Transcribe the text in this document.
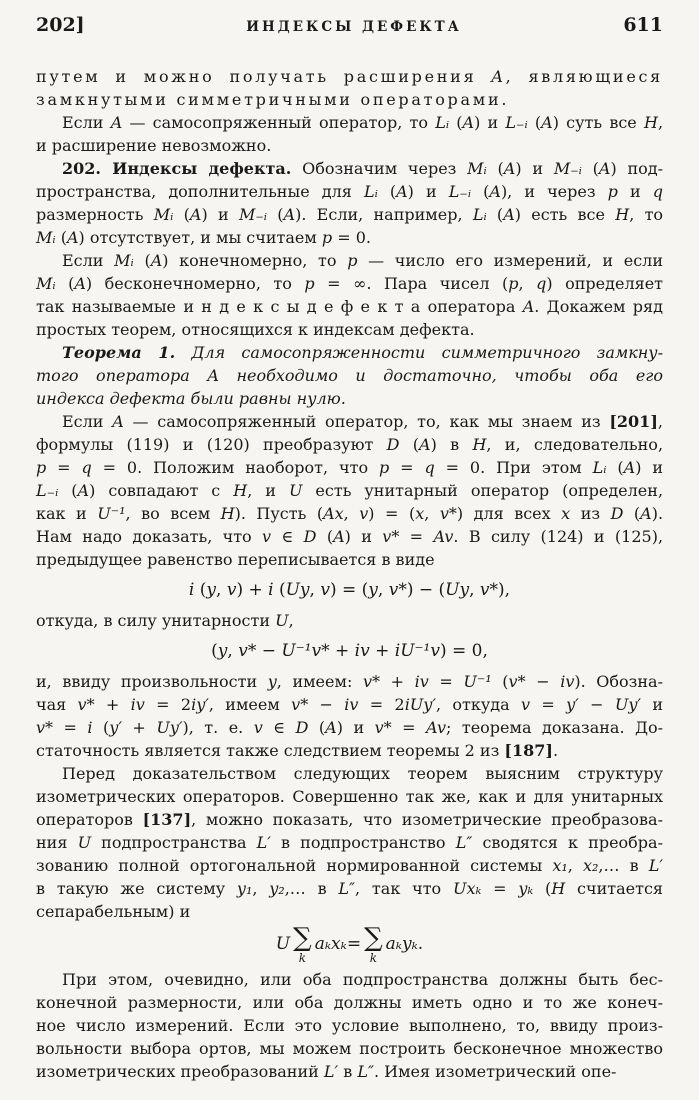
202]	ИНДЕКСЫ ДЕФЕКТА	611
путем и можно получать расширения A, являющиеся
замкнутыми симметричными операторами.
Если A — самосопряженный оператор, то Lᵢ (A) и L₋ᵢ (A) суть все H,
и расширение невозможно.
202. Индексы дефекта. Обозначим через Mᵢ (A) и M₋ᵢ (A) под-
пространства, дополнительные для Lᵢ (A) и L₋ᵢ (A), и через p и q
размерность Mᵢ (A) и M₋ᵢ (A). Если, например, Lᵢ (A) есть все H, то
Mᵢ (A) отсутствует, и мы считаем p = 0.
Если Mᵢ (A) конечномерно, то p — число его измерений, и если
Mᵢ (A) бесконечномерно, то p = ∞. Пара чисел (p, q) определяет
так называемые и н д е к с ы д е ф е к т а оператора A. Докажем ряд
простых теорем, относящихся к индексам дефекта.
Теорема 1. Для самосопряженности симметричного замкну-
того оператора A необходимо и достаточно, чтобы оба его
индекса дефекта были равны нулю.
Если A — самосопряженный оператор, то, как мы знаем из [201],
формулы (119) и (120) преобразуют D (A) в H, и, следовательно,
p = q = 0. Положим наоборот, что p = q = 0. При этом Lᵢ (A) и
L₋ᵢ (A) совпадают с H, и U есть унитарный оператор (определен,
как и U⁻¹, во всем H). Пусть (Ax, v) = (x, v*) для всех x из D (A).
Нам надо доказать, что v ∈ D (A) и v* = Av. В силу (124) и (125),
предыдущее равенство переписывается в виде
i (y, v) + i (Uy, v) = (y, v*) − (Uy, v*),
откуда, в силу унитарности U,
(y, v* − U⁻¹v* + iv + iU⁻¹v) = 0,
и, ввиду произвольности y, имеем: v* + iv = U⁻¹ (v* − iv). Обозна-
чая v* + iv = 2iy′, имеем v* − iv = 2iUy′, откуда v = y′ − Uy′ и
v* = i (y′ + Uy′), т. е. v ∈ D (A) и v* = Av; теорема доказана. До-
статочность является также следствием теоремы 2 из [187].
Перед доказательством следующих теорем выясним структуру
изометрических операторов. Совершенно так же, как и для унитарных
операторов [137], можно показать, что изометрические преобразова-
ния U подпространства L′ в подпространство L″ сводятся к преобра-
зованию полной ортогональной нормированной системы x₁, x₂,… в L′
в такую же систему y₁, y₂,… в L″, так что Uxₖ = yₖ (H считается
сепарабельным) и
U ∑
k
aₖxₖ = ∑
k
aₖyₖ.
При этом, очевидно, или оба подпространства должны быть бес-
конечной размерности, или оба должны иметь одно и то же конеч-
ное число измерений. Если это условие выполнено, то, ввиду произ-
вольности выбора ортов, мы можем построить бесконечное множество
изометрических преобразований L′ в L″. Имея изометрический опе-
